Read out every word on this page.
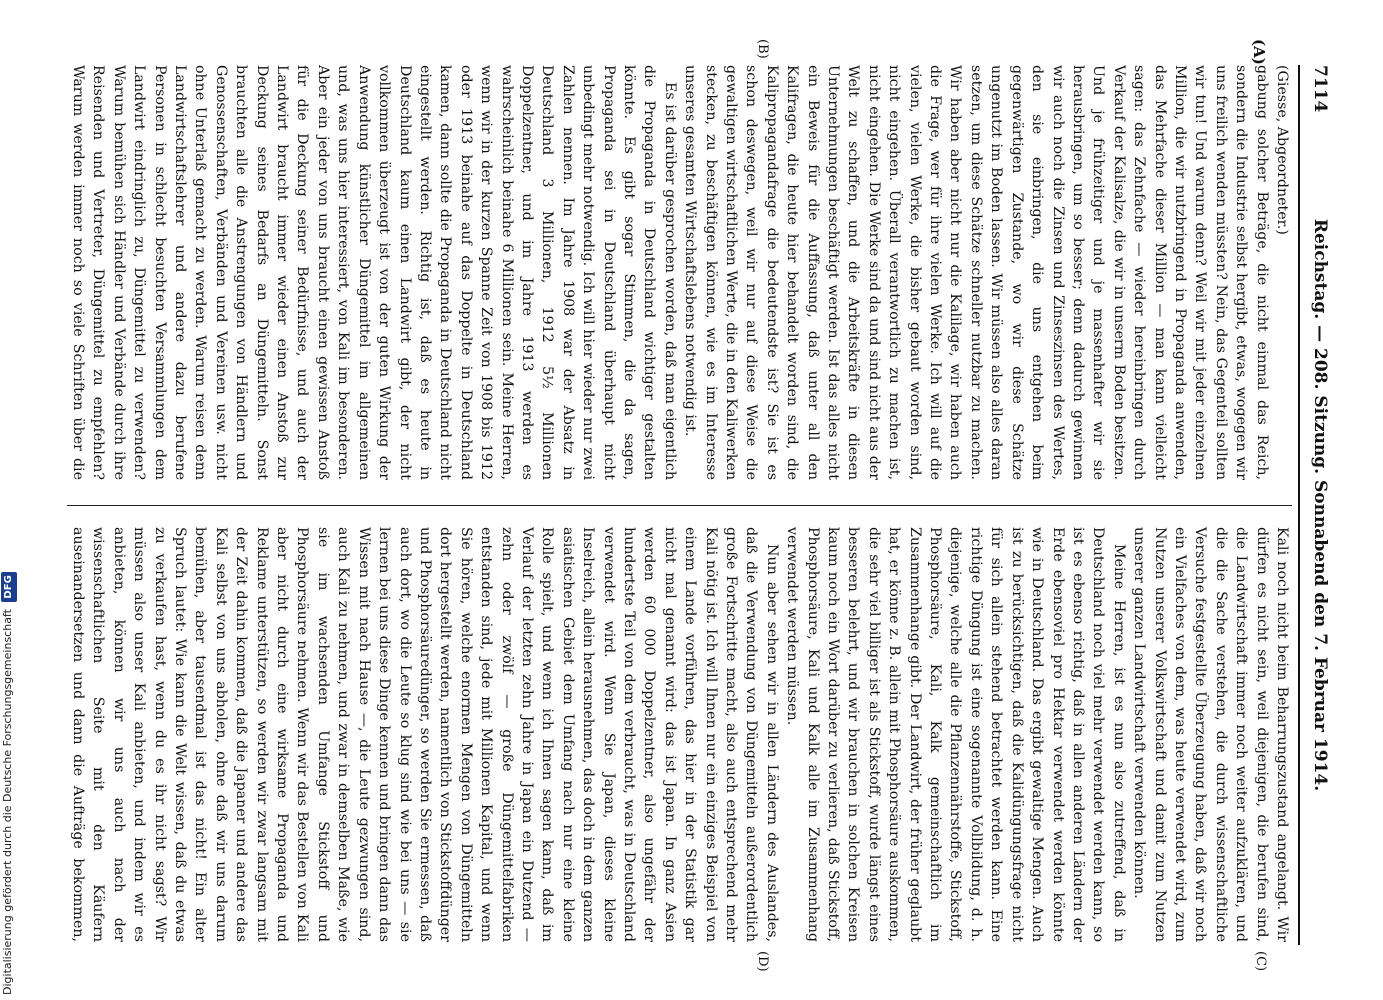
7114
Reichstag. — 208. Sitzung. Sonnabend den 7. Februar 1914.
(A)
(B)
(C)
(D)

(Giesse, Abgeordneter.)

gabung solcher Beträge, die nicht einmal das Reich, sondern die Industrie selbst hergibt, etwas, wogegen wir uns freilich wenden müssten? Nein, das Gegenteil sollten wir tun! Und warum denn? Weil wir mit jeder einzelnen Million, die wir nutzbringend in Propaganda anwenden, das Mehrfache dieser Million — man kann vielleicht sagen: das Zehnfache — wieder hereinbringen durch Verkauf der Kalisalze, die wir in unserm Boden besitzen. Und je frühzeitiger und je massenhafter wir sie herausbringen, um so besser; denn dadurch gewinnen wir auch noch die Zinsen und Zinseszinsen des Wertes, den sie einbringen, die uns entgehen beim gegenwärtigen Zustande, wo wir diese Schätze ungenutzt im Boden lassen. Wir müssen also alles daran setzen, um diese Schätze schneller nutzbar zu machen. Wir haben aber nicht nur die Kalilage, wir haben auch die Frage, wer für ihre vielen Werke. Ich will auf die vielen, vielen Werke, die bisher gebaut worden sind, nicht eingehen. Überall verantwortlich zu machen ist, nicht eingehen. Die Werke sind da und sind nicht aus der Welt zu schaffen, und die Arbeitskräfte in diesen Unternehmungen beschäftigt werden. Ist das alles nicht ein Beweis für die Auffassung, daß unter all den Kalifragen, die heute hier behandelt worden sind, die Kalipropagandafrage die bedeutendste ist? Sie ist es schon deswegen, weil wir nur auf diese Weise die gewaltigen wirtschaftlichen Werte, die in den Kaliwerken stecken, zu beschäftigen können, wie es im Interesse unseres gesamten Wirtschaftslebens notwendig ist.

Es ist darüber gesprochen worden, daß man eigentlich die Propaganda in Deutschland wichtiger gestalten könnte. Es gibt sogar Stimmen, die da sagen, Propaganda sei in Deutschland überhaupt nicht unbedingt mehr notwendig. Ich will hier wieder nur zwei Zahlen nennen. Im Jahre 1908 war der Absatz in Deutschland 3 Millionen, 1912 5½ Millionen Doppelzentner, und im Jahre 1913 werden es wahrscheinlich beinahe 6 Millionen sein. Meine Herren, wenn wir in der kurzen Spanne Zeit von 1908 bis 1912 oder 1913 beinahe auf das Doppelte in Deutschland kamen, dann sollte die Propaganda in Deutschland nicht eingestellt werden. Richtig ist, daß es heute in Deutschland kaum einen Landwirt gibt, der nicht vollkommen überzeugt ist von der guten Wirkung der Anwendung künstlicher Düngemittel im allgemeinen und, was uns hier interessiert, von Kali im besonderen. Aber ein jeder von uns braucht einen gewissen Anstoß für die Deckung seiner Bedürfnisse, und auch der Landwirt braucht immer wieder einen Anstoß zur Deckung seines Bedarfs an Düngemitteln. Sonst brauchten alle die Anstrengungen von Händlern und Genossenschaften, Verbänden und Vereinen usw. nicht ohne Unterlaß gemacht zu werden. Warum reisen denn Landwirtschaftslehrer und andere dazu berufene Personen in schlecht besuchten Versammlungen dem Landwirt eindringlich zu, Düngemittel zu verwenden? Warum bemühen sich Händler und Verbände durch ihre Reisenden und Vertreter, Düngemittel zu empfehlen? Warum werden immer noch so viele Schriften über die

Kali noch nicht beim Beharrungszustand angelangt. Wir dürfen es nicht sein, weil diejenigen, die berufen sind, die Landwirtschaft immer noch weiter aufzuklären, und die die Sache verstehen, die durch wissenschaftliche Versuche festgestellte Überzeugung haben, daß wir noch ein Vielfaches von dem, was heute verwendet wird, zum Nutzen unserer Volkswirtschaft und damit zum Nutzen unserer ganzen Landwirtschaft verwenden können.

Meine Herren, ist es nun also zutreffend, daß in Deutschland noch viel mehr verwendet werden kann, so ist es ebenso richtig, daß in allen anderen Ländern der Erde ebensoviel pro Hektar verwendet werden könnte wie in Deutschland. Das ergibt gewaltige Mengen. Auch ist zu berücksichtigen, daß die Kalidüngungsfrage nicht für sich allein stehend betrachtet werden kann. Eine richtige Düngung ist eine sogenannte Vollbildung, d. h. diejenige, welche alle die Pflanzennährstoffe, Stickstoff, Phosphorsäure, Kali, Kalk gemeinschaftlich im Zusammenhange gibt. Der Landwirt, der früher geglaubt hat, er könne z. B. allein mit Phosphorsäure auskommen, die sehr viel billiger ist als Stickstoff, wurde längst eines besseren belehrt, und wir brauchen in solchen Kreisen kaum noch ein Wort darüber zu verlieren, daß Stickstoff, Phosphorsäure, Kali und Kalk alle im Zusammenhang verwendet werden müssen.

Nun aber sehen wir in allen Ländern des Auslandes, daß die Verwendung von Düngemitteln außerordentlich große Fortschritte macht, also auch entsprechend mehr Kali nötig ist. Ich will Ihnen nur ein einziges Beispiel von einem Lande vorführen, das hier in der Statistik gar nicht mal genannt wird: das ist Japan. In ganz Asien werden 60 000 Doppelzentner, also ungefähr der hundertste Teil von dem verbraucht, was in Deutschland verwendet wird. Wenn Sie Japan, dieses kleine Inselreich, allein herausnehmen, das doch in dem ganzen asiatischen Gebiet dem Umfang nach nur eine kleine Rolle spielt, und wenn ich Ihnen sagen kann, daß im Verlauf der letzten zehn Jahre in Japan ein Dutzend — zehn oder zwölf — große Düngemittelfabriken entstanden sind, jede mit Millionen Kapital, und wenn Sie hören, welche enormen Mengen von Düngemitteln dort hergestellt werden, namentlich von Stickstoffdünger und Phosphorsäuredünger, so werden Sie ermessen, daß auch dort, wo die Leute so klug sind wie bei uns — sie lernen bei uns diese Dinge kennen und bringen dann das Wissen mit nach Hause —, die Leute gezwungen sind, auch Kali zu nehmen, und zwar in demselben Maße, wie sie im wachsenden Umfange Stickstoff und Phosphorsäure nehmen. Wenn wir das Bestellen von Kali aber nicht durch eine wirksame Propaganda und Reklame unterstützen, so werden wir zwar langsam mit der Zeit dahin kommen, daß die Japaner und andere das Kali selbst von uns abholen, ohne daß wir uns darum bemühen, aber tausendmal ist das nicht! Ein alter Spruch lautet: Wie kann die Welt wissen, daß du etwas zu verkaufen hast, wenn du es ihr nicht sagst? Wir müssen also unser Kali anbieten, und indem wir es anbieten, können wir uns auch nach der wissenschaftlichen Seite mit den Käufern auseinandersetzen und dann die Aufträge bekommen,

Digitalisierung gefördert durch die Deutsche Forschungsgemeinschaft DFG
